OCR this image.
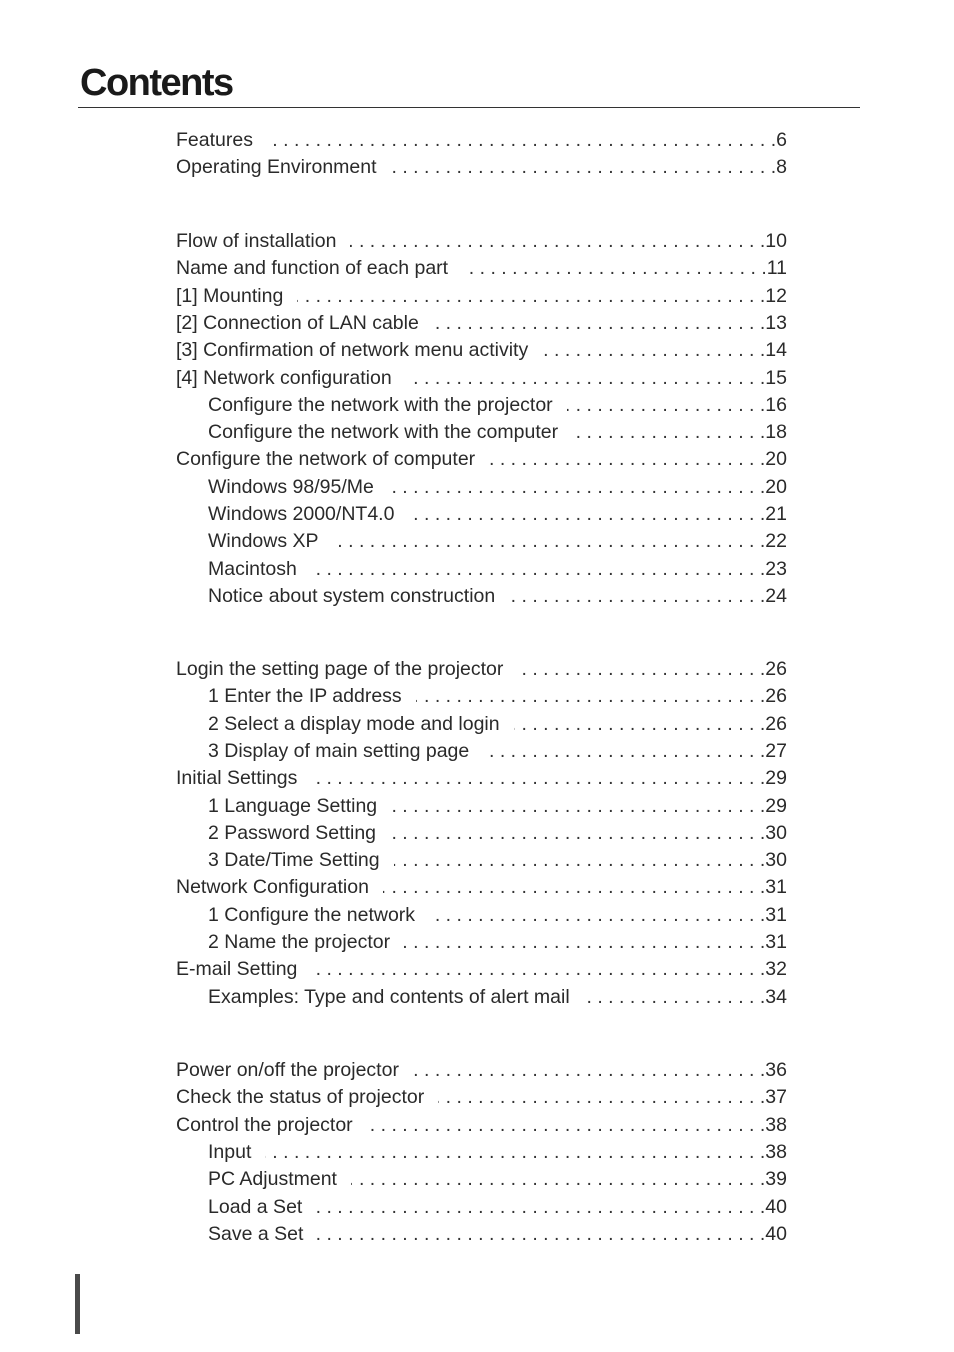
Contents
Features . . .	6
Operating Environment . . .	8
Flow of installation . . .	10
Name and function of each part . . .	11
[1] Mounting . . .	12
[2] Connection of LAN cable . . .	13
[3] Confirmation of network menu activity . . .	14
[4] Network configuration . . .	15
Configure the network with the projector . . .	16
Configure the network with the computer . . .	18
Configure the network of computer . . .	20
Windows 98/95/Me . . .	20
Windows 2000/NT4.0 . . .	21
Windows XP . . .	22
Macintosh . . .	23
Notice about system construction . . .	24
Login the setting page of the projector . . .	26
1 Enter the IP address . . .	26
2 Select a display mode and login . . .	26
3 Display of main setting page . . .	27
Initial Settings . . .	29
1 Language Setting . . .	29
2 Password Setting . . .	30
3 Date/Time Setting . . .	30
Network Configuration . . .	31
1 Configure the network . . .	31
2 Name the projector . . .	31
E-mail Setting . . .	32
Examples: Type and contents of alert mail . . .	34
Power on/off the projector . . .	36
Check the status of projector . . .	37
Control the projector . . .	38
Input . . .	38
PC Adjustment . . .	39
Load a Set . . .	40
Save a Set . . .	40
